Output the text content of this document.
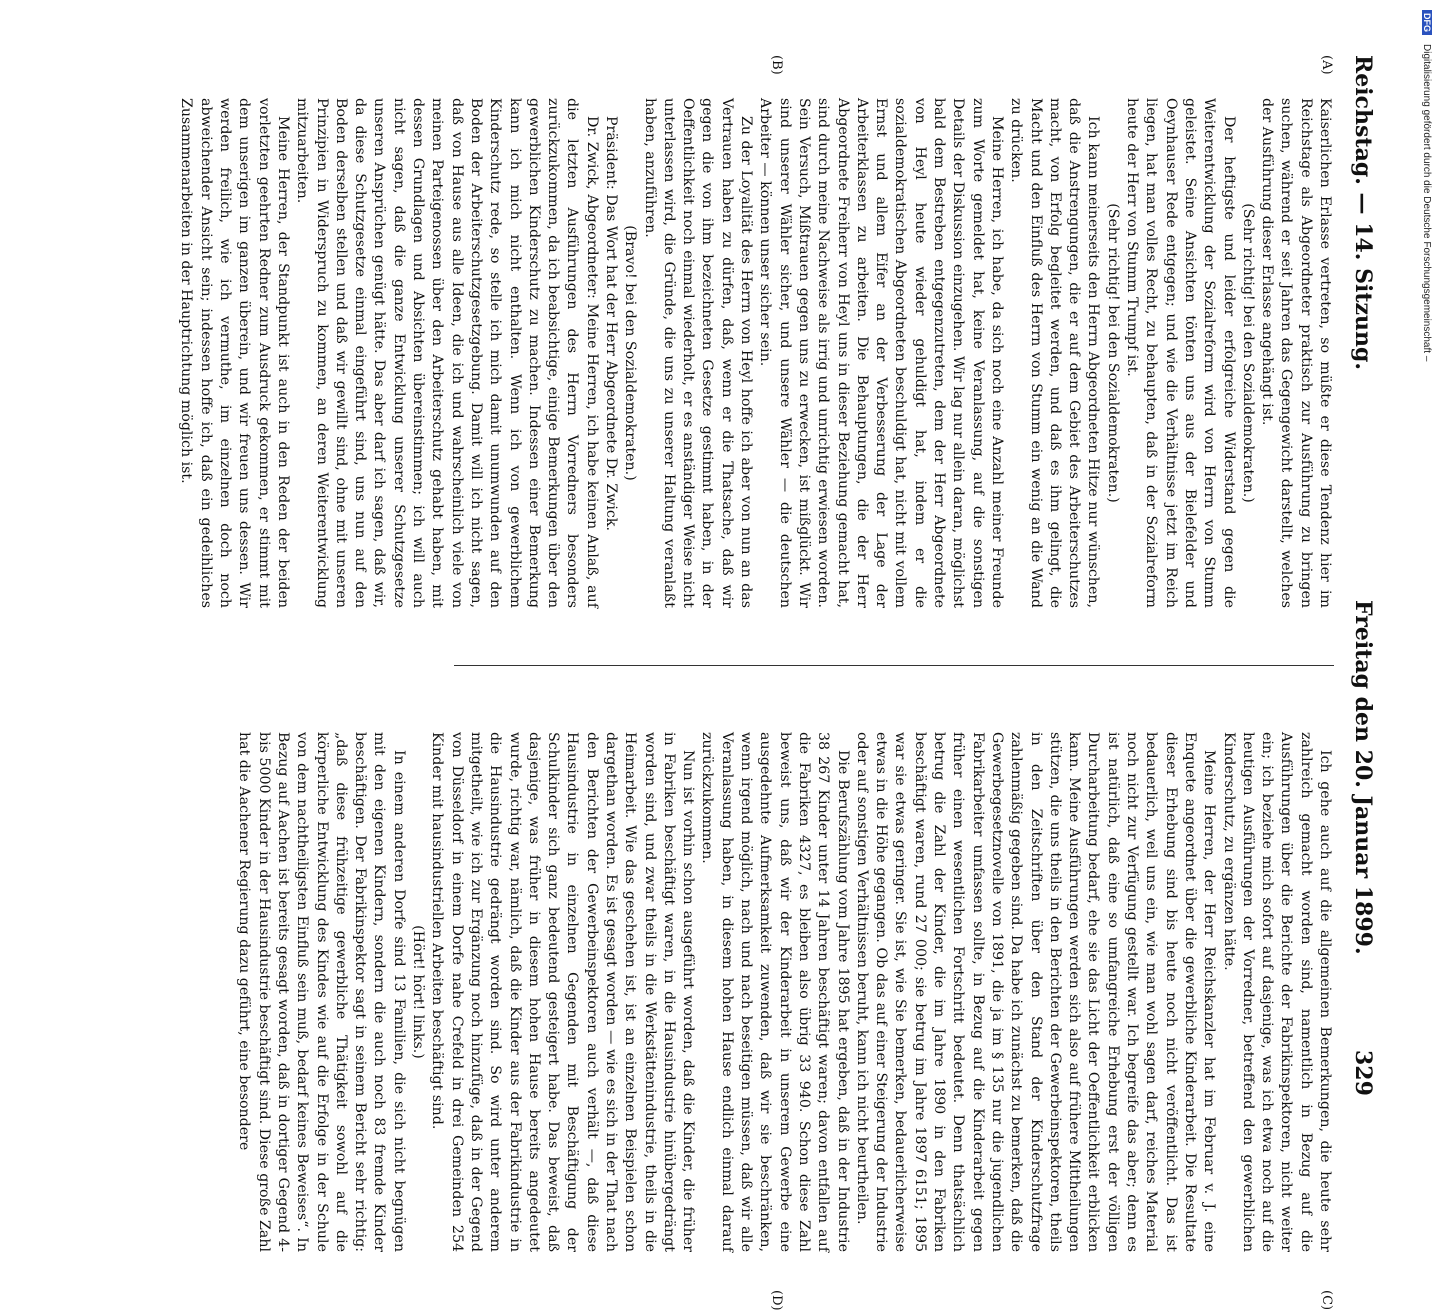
Reichstag. — 14. Sitzung.
Freitag den 20. Januar 1899.
329
(A)
(B)
(C)
(D)

Kaiserlichen Erlasse vertreten, so müßte er diese Tendenz hier im Reichstage als Abgeordneter praktisch zur Ausführung zu bringen suchen, während er seit Jahren das Gegengewicht darstellt, welches der Ausführung dieser Erlasse angehängt ist.

(Sehr richtig! bei den Sozialdemokraten.)

Der heftigste und leider erfolgreiche Widerstand gegen die Weiterentwicklung der Sozialreform wird von Herrn von Stumm geleistet. Seine Ansichten tönten uns aus der Bielefelder und Oeynhauser Rede entgegen; und wie die Verhältnisse jetzt im Reich liegen, hat man volles Recht, zu behaupten, daß in der Sozialreform heute der Herr von Stumm Trumpf ist.

(Sehr richtig! bei den Sozialdemokraten.)

Ich kann meinerseits den Herrn Abgeordneten Hitze nur wünschen, daß die Anstrengungen, die er auf dem Gebiet des Arbeiterschutzes macht, von Erfolg begleitet werden, und daß es ihm gelingt, die Macht und den Einfluß des Herrn von Stumm ein wenig an die Wand zu drücken.

Meine Herren, ich habe, da sich noch eine Anzahl meiner Freunde zum Worte gemeldet hat, keine Veranlassung, auf die sonstigen Details der Diskussion einzugehen. Wir lag nur allein daran, möglichst bald dem Bestreben entgegenzutreten, dem der Herr Abgeordnete von Heyl heute wieder gehuldigt hat, indem er die sozialdemokratischen Abgeordneten beschuldigt hat, nicht mit vollem Ernst und allem Eifer an der Verbesserung der Lage der Arbeiterklassen zu arbeiten. Die Behauptungen, die der Herr Abgeordnete Freiherr von Heyl uns in dieser Beziehung gemacht hat, sind durch meine Nachweise als irrig und unrichtig erwiesen worden. Sein Versuch, Mißtrauen gegen uns zu erwecken, ist mißglückt. Wir sind unserer Wähler sicher, und unsere Wähler — die deutschen Arbeiter — können unser sicher sein.

Zu der Loyalität des Herrn von Heyl hoffe ich aber von nun an das Vertrauen haben zu dürfen, daß, wenn er die Thatsache, daß wir gegen die von ihm bezeichneten Gesetze gestimmt haben, in der Oeffentlichkeit noch einmal wiederholt, er es anständiger Weise nicht unterlassen wird, die Gründe, die uns zu unserer Haltung veranlaßt haben, anzuführen.

(Bravo! bei den Sozialdemokraten.)

Präsident: Das Wort hat der Herr Abgeordnete Dr. Zwick.

Dr. Zwick, Abgeordneter: Meine Herren, ich habe keinen Anlaß, auf die letzten Ausführungen des Herrn Vorredners besonders zurückzukommen, da ich beabsichtige, einige Bemerkungen über den gewerblichen Kinderschutz zu machen. Indessen einer Bemerkung kann ich mich nicht enthalten. Wenn ich von gewerblichem Kinderschutz rede, so stelle ich mich damit unumwunden auf den Boden der Arbeiterschutzgesetzgebung. Damit will ich nicht sagen, daß von Hause aus alle Ideen, die ich und wahrscheinlich viele von meinen Parteigenossen über den Arbeiterschutz gehabt haben, mit dessen Grundlagen und Absichten übereinstimmen; ich will auch nicht sagen, daß die ganze Entwicklung unserer Schutzgesetze unseren Ansprüchen genügt hätte. Das aber darf ich sagen, daß wir, da diese Schutzgesetze einmal eingeführt sind, uns nun auf den Boden derselben stellen und daß wir gewillt sind, ohne mit unseren Prinzipien in Widerspruch zu kommen, an deren Weiterentwicklung mitzuarbeiten.

Meine Herren, der Standpunkt ist auch in den Reden der beiden vorletzten geehrten Redner zum Ausdruck gekommen, er stimmt mit dem unserigen im ganzen überein, und wir freuen uns dessen. Wir werden freilich, wie ich vermuthe, im einzelnen doch noch abweichender Ansicht sein; indessen hoffe ich, daß ein gedeihliches Zusammenarbeiten in der Hauptrichtung möglich ist.

Ich gehe auch auf die allgemeinen Bemerkungen, die heute sehr zahlreich gemacht worden sind, namentlich in Bezug auf die Ausführungen über die Berichte der Fabrikinspektoren, nicht weiter ein; ich beziehe mich sofort auf dasjenige, was ich etwa noch auf die heutigen Ausführungen der Vorredner, betreffend den gewerblichen Kinderschutz, zu ergänzen hätte.

Meine Herren, der Herr Reichskanzler hat im Februar v. J. eine Enquete angeordnet über die gewerbliche Kinderarbeit. Die Resultate dieser Erhebung sind bis heute noch nicht veröffentlicht. Das ist bedauerlich, weil uns ein, wie man wohl sagen darf, reiches Material noch nicht zur Verfügung gestellt war. Ich begreife das aber; denn es ist natürlich, daß eine so umfangreiche Erhebung erst der völligen Durcharbeitung bedarf, ehe sie das Licht der Oeffentlichkeit erblicken kann. Meine Ausführungen werden sich also auf frühere Mittheilungen stützen, die uns theils in den Berichten der Gewerbeinspektoren, theils in den Zeitschriften über den Stand der Kinderschutzfrage zahlenmäßig gegeben sind. Da habe ich zunächst zu bemerken, daß die Gewerbegesetznovelle von 1891, die ja im § 135 nur die jugendlichen Fabrikarbeiter umfassen sollte, in Bezug auf die Kinderarbeit gegen früher einen wesentlichen Fortschritt bedeutet. Denn thatsächlich betrug die Zahl der Kinder, die im Jahre 1890 in den Fabriken beschäftigt waren, rund 27 000; sie betrug im Jahre 1897 6151; 1895 war sie etwas geringer. Sie ist, wie Sie bemerken, bedauerlicherweise etwas in die Höhe gegangen. Ob das auf einer Steigerung der Industrie oder auf sonstigen Verhältnissen beruht, kann ich nicht beurtheilen.

Die Berufszählung vom Jahre 1895 hat ergeben, daß in der Industrie 38 267 Kinder unter 14 Jahren beschäftigt waren; davon entfallen auf die Fabriken 4327, es bleiben also übrig 33 940. Schon diese Zahl beweist uns, daß wir der Kinderarbeit in unserem Gewerbe eine ausgedehnte Aufmerksamkeit zuwenden, daß wir sie beschränken, wenn irgend möglich, nach und nach beseitigen müssen, daß wir alle Veranlassung haben, in diesem hohen Hause endlich einmal darauf zurückzukommen.

Nun ist vorhin schon ausgeführt worden, daß die Kinder, die früher in Fabriken beschäftigt waren, in die Hausindustrie hinübergedrängt worden sind, und zwar theils in die Werkstättenindustrie, theils in die Heimarbeit. Wie das geschehen ist, ist an einzelnen Beispielen schon dargethan worden. Es ist gesagt worden — wie es sich in der That nach den Berichten der Gewerbeinspektoren auch verhält —, daß diese Hausindustrie in einzelnen Gegenden mit Beschäftigung der Schulkinder sich ganz bedeutend gesteigert habe. Das beweist, daß dasjenige, was früher in diesem hohen Hause bereits angedeutet wurde, richtig war, nämlich, daß die Kinder aus der Fabrikindustrie in die Hausindustrie gedrängt worden sind. So wird unter anderem mitgetheilt, wie ich zur Ergänzung noch hinzufüge, daß in der Gegend von Düsseldorf in einem Dorfe nahe Crefeld in drei Gemeinden 254 Kinder mit hausindustriellen Arbeiten beschäftigt sind.

(Hört! hört! links.)

In einem anderen Dorfe sind 13 Familien, die sich nicht begnügen mit den eigenen Kindern, sondern die auch noch 83 fremde Kinder beschäftigen. Der Fabrikinspektor sagt in seinem Bericht sehr richtig: „daß diese frühzeitige gewerbliche Thätigkeit sowohl auf die körperliche Entwicklung des Kindes wie auf die Erfolge in der Schule von dem nachtheiligsten Einfluß sein muß, bedarf keines Beweises“. In Bezug auf Aachen ist bereits gesagt worden, daß in dortiger Gegend 4- bis 5000 Kinder in der Hausindustrie beschäftigt sind. Diese große Zahl hat die Aachener Regierung dazu geführt, eine besondere

DFG
Digitalisierung gefördert durch die Deutsche Forschungsgemeinschaft –
